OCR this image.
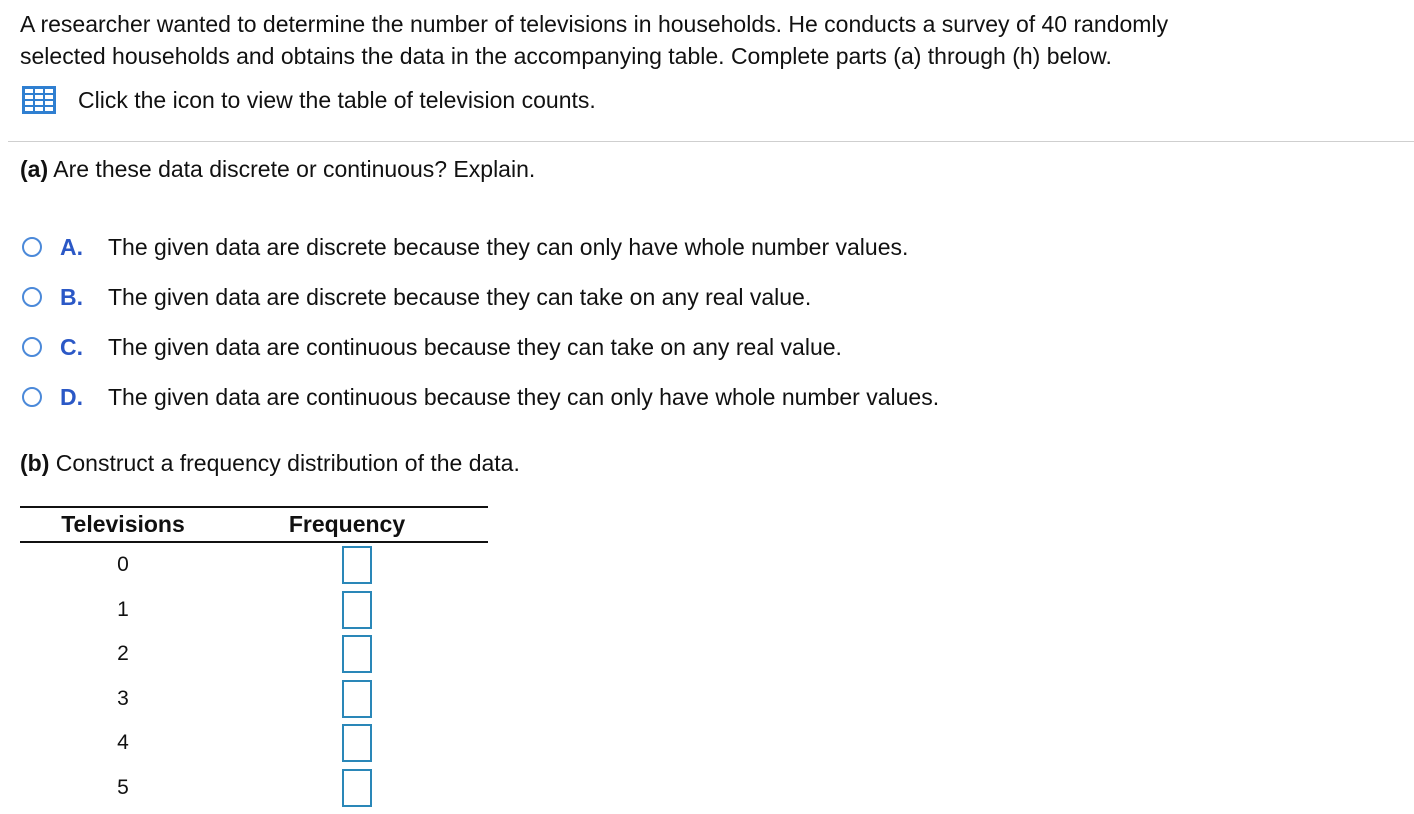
A researcher wanted to determine the number of televisions in households. He conducts a survey of 40 randomly
selected households and obtains the data in the accompanying table. Complete parts (a) through (h) below.
Click the icon to view the table of television counts.
(a) Are these data discrete or continuous? Explain.
A.	The given data are discrete because they can only have whole number values.
B.	The given data are discrete because they can take on any real value.
C.	The given data are continuous because they can take on any real value.
D.	The given data are continuous because they can only have whole number values.
(b) Construct a frequency distribution of the data.
Televisions	Frequency
0
1
2
3
4
5
